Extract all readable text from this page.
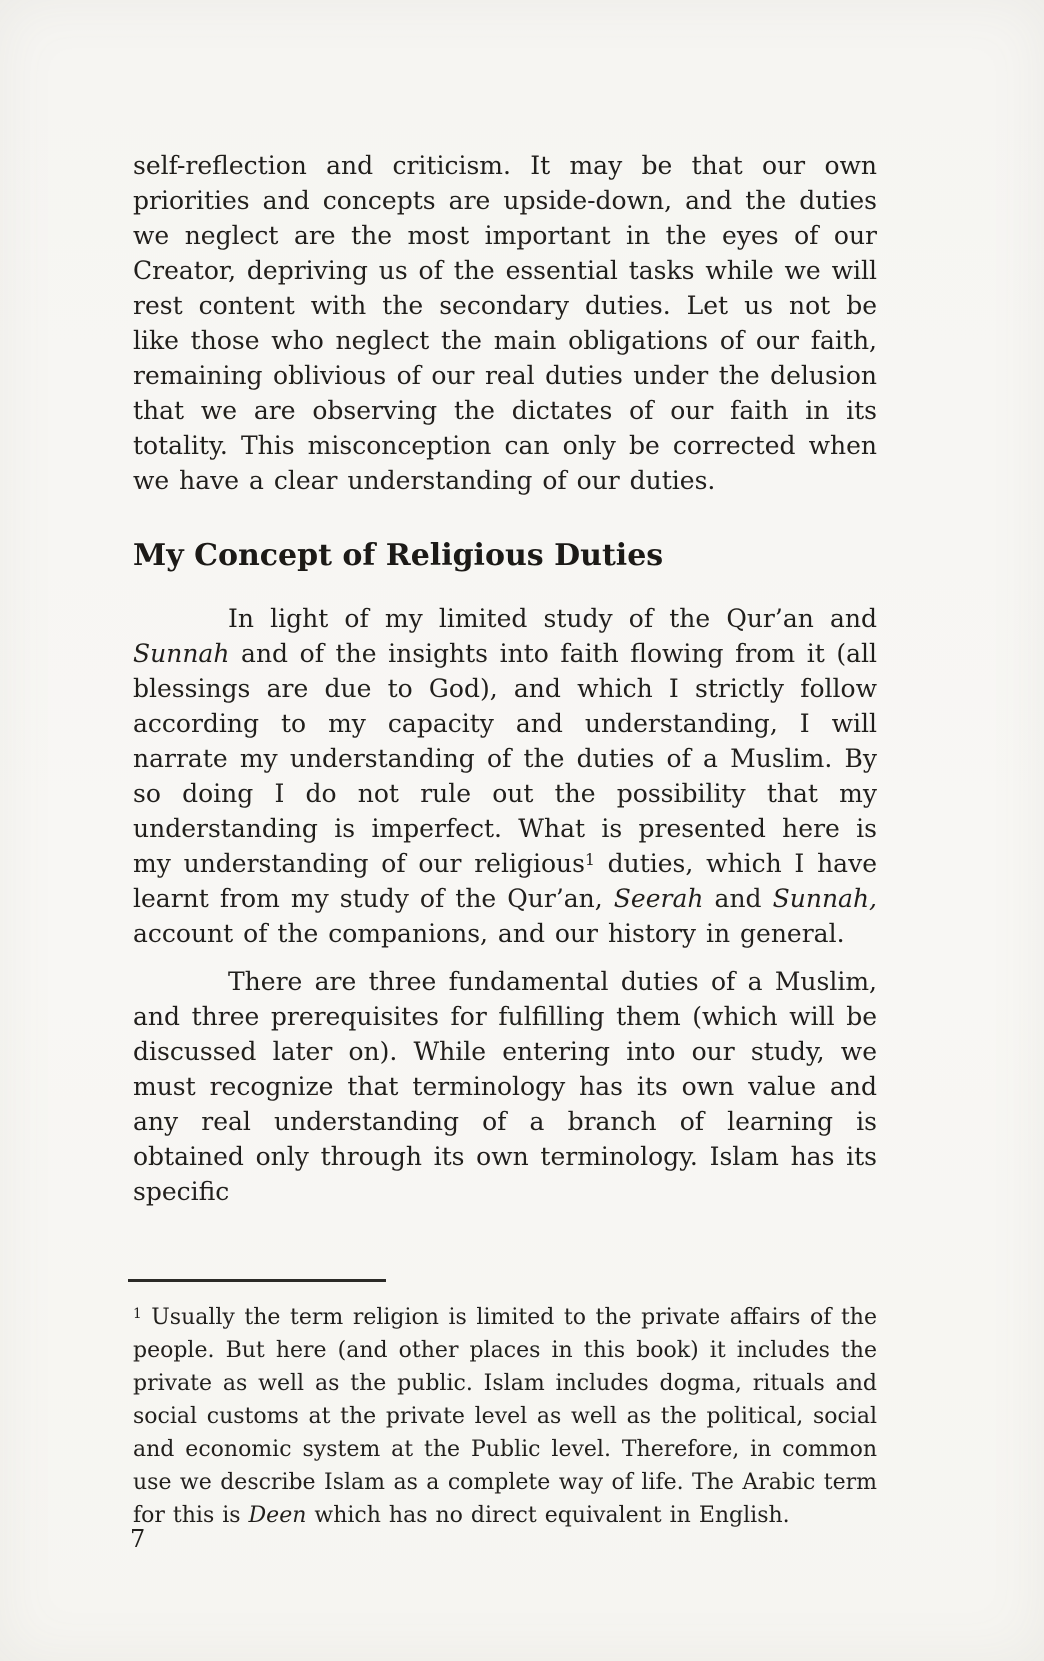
self-reflection and criticism. It may be that our own priorities and concepts are upside-down, and the duties we neglect are the most important in the eyes of our Creator, depriving us of the essential tasks while we will rest content with the secondary duties. Let us not be like those who neglect the main obligations of our faith, remaining oblivious of our real duties under the delusion that we are observing the dictates of our faith in its totality. This misconception can only be corrected when we have a clear understanding of our duties.

My Concept of Religious Duties

In light of my limited study of the Qur’an and Sunnah and of the insights into faith flowing from it (all blessings are due to God), and which I strictly follow according to my capacity and understanding, I will narrate my understanding of the duties of a Muslim. By so doing I do not rule out the possibility that my understanding is imperfect. What is presented here is my understanding of our religious$^1$ duties, which I have learnt from my study of the Qur’an, Seerah and Sunnah, account of the companions, and our history in general.

There are three fundamental duties of a Muslim, and three prerequisites for fulfilling them (which will be discussed later on). While entering into our study, we must recognize that terminology has its own value and any real understanding of a branch of learning is obtained only through its own terminology. Islam has its specific

$^1$ Usually the term religion is limited to the private affairs of the people. But here (and other places in this book) it includes the private as well as the public. Islam includes dogma, rituals and social customs at the private level as well as the political, social and economic system at the Public level. Therefore, in common use we describe Islam as a complete way of life. The Arabic term for this is Deen which has no direct equivalent in English.

7
